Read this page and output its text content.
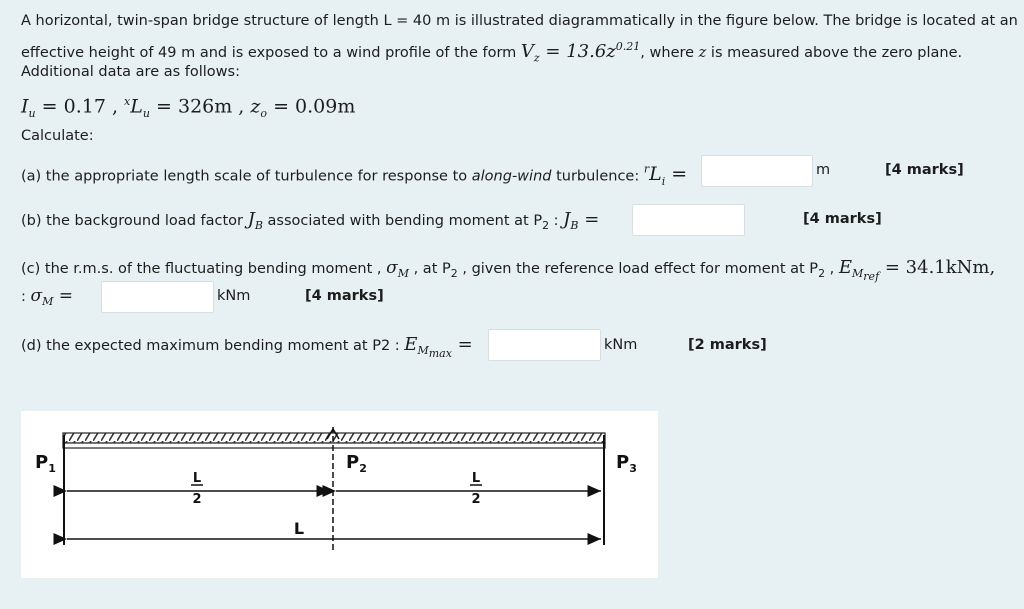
A horizontal, twin-span bridge structure of length L = 40 m is illustrated diagrammatically in the figure below. The bridge is located at an
effective height of 49 m and is exposed to a wind profile of the form $V_z = 13.6z^{0.21}$, where z is measured above the zero plane.
Additional data are as follows:
$I_u = 0.17$ , $^xL_u = 326m$ , $z_o = 0.09m$
Calculate:
(a) the appropriate length scale of turbulence for response to along-wind turbulence: $^rL_i$ =	m	[4 marks]
(b) the background load factor $J_B$ associated with bending moment at $P_2$ : $J_B$ =	[4 marks]
(c) the r.m.s. of the fluctuating bending moment , $\sigma_M$ , at $P_2$ , given the reference load effect for moment at $P_2$ , $E_{M_{ref}} = 34.1kNm$,
: $\sigma_M$ =	kNm	[4 marks]
(d) the expected maximum bending moment at P2 : $E_{M_{max}}$ =	kNm	[2 marks]
$P_1$	$P_2$	$P_3$
L
2
L
2
L
